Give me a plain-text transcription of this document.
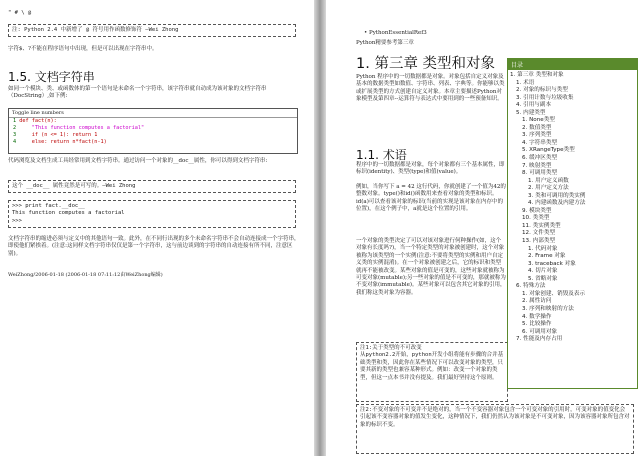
" # \ @
注: Python 2.4 中新增了 @ 符号用作函数修饰符 —Wei Zhong
字符$、?不能在程序语句中出现，但是可以出现在字符串中。
1.5. 文档字符串
如同一个模块、类、或函数体的第一个语句是未命名一个字符串，该字符串就自动成为该对象的文档字符串（DocString）,如下例:
Toggle line numbers
1 def fact(n):
2     "This function computes a factorial"
3     if (n <= 1): return 1
4     else: return n*fact(n-1)
代码浏览及文档生成工具经常用到文档字符串。通过访问一个对象的__doc__属性，你可以得到文档字符串:
这个 __doc__ 属性竟然是可写的。—Wei Zhong
>>> print fact.__doc__
This function computes a factorial
>>>
文档字符串的缩进必须与定义中的其他语句一致。此外，在不同行出现的多个未命名字符串不会自动连接成一个字符串，即使他们紧挨着。(注意:这同样文档字符串仅仅是第一个字符串，这与前边谈到的字符串的自动连接有所不同，注意区别)。
WeiZhong/2006-01-18 (2006-01-18 07:11:12由WeiZhong编辑)
• PythonEssentialRef3
Python精要参考第三章
1. 第三章 类型和对象
Python 程序中的一切数据都是对象。对象包括自定义对象及基本的数据类型如数值、字符串、列表、字典等。你能够以类或扩展类型的方式创建自定义对象。本章主要描述Python对象模型及第四章--运算符与表达式中要用到的一些预备知识。
1.1. 术语
程序中的一切数据都是对象，每个对象都有三个基本属性，即标识(identity)、类型(type)和值(value)。
例如，当你写下 a = 42 这行代码，你就创建了一个值为42的整数对象。type()和id()函数用来查看对象的类型和标识。id(a)可以查看该对象的标识(当前的实现是该对象在内存中的位置)，在这个例子中，a就是这个位置的引用。
一个对象的类型决定了可以对该对象进行何种操作(如，这个对象有长度吗?)，当一个特定类型的对象被创建时，这个对象被称为该类型的一个实例(注意:不要将类型的实例和用户自定义类的实例混淆)。在一个对象被创建之后，它的标识和类型就再不能被改变。某些对象的值是可变的，这些对象就被称为可变对象(mutable);另一些对象的值是不可变的，那就被称为不变对象(immutable)。某些对象可以包含其它对象的引用，我们称这类对象为容器。
注1:关于类型的不可改变
从python2.2开始，python开发小组将能有步骤的合并基础类型和类，因此你在某些情况下可以改变对象的类型，只要其新的类型也兼容某种形式。例如：改变一个对象的类型，但这一点本书并没有提及。我们最好坚持这个原则。
注2:不变对象的不可变并不是绝对的，当一个不变容器对象包含一个可变对象的引用时，可变对象的值变化会引起该不变容器对象的值发生变化，这种情况下，我们仍然认为该对象是不可变对象，因为该容器对象所包含对象的标识不变。
目录
1. 第三章 类型和对象
1. 术语
2. 对象的标识与类型
3. 引用计数与垃圾收集
4. 引用与副本
5. 内建类型
1. None类型
2. 数值类型
3. 序列类型
4. 字符串类型
5. XRangeType类型
6. 缓冲区类型
7. 映射类型
8. 可调用类型
1. 用户定义函数
2. 用户定义方法
3. 类和可调用的类实例
4. 内建函数及内建方法
9. 模块类型
10. 类类型
11. 类实例类型
12. 文件类型
13. 内部类型
1. 代码对象
2. Frame 对象
3. traceback 对象
4. 切片对象
5. 省略对象
6. 特殊方法
1. 对象创建、销毁及表示
2. 属性访问
3. 序列和映射的方法
4. 数学操作
5. 比较操作
6. 可调用对象
7. 性能及内存占用
